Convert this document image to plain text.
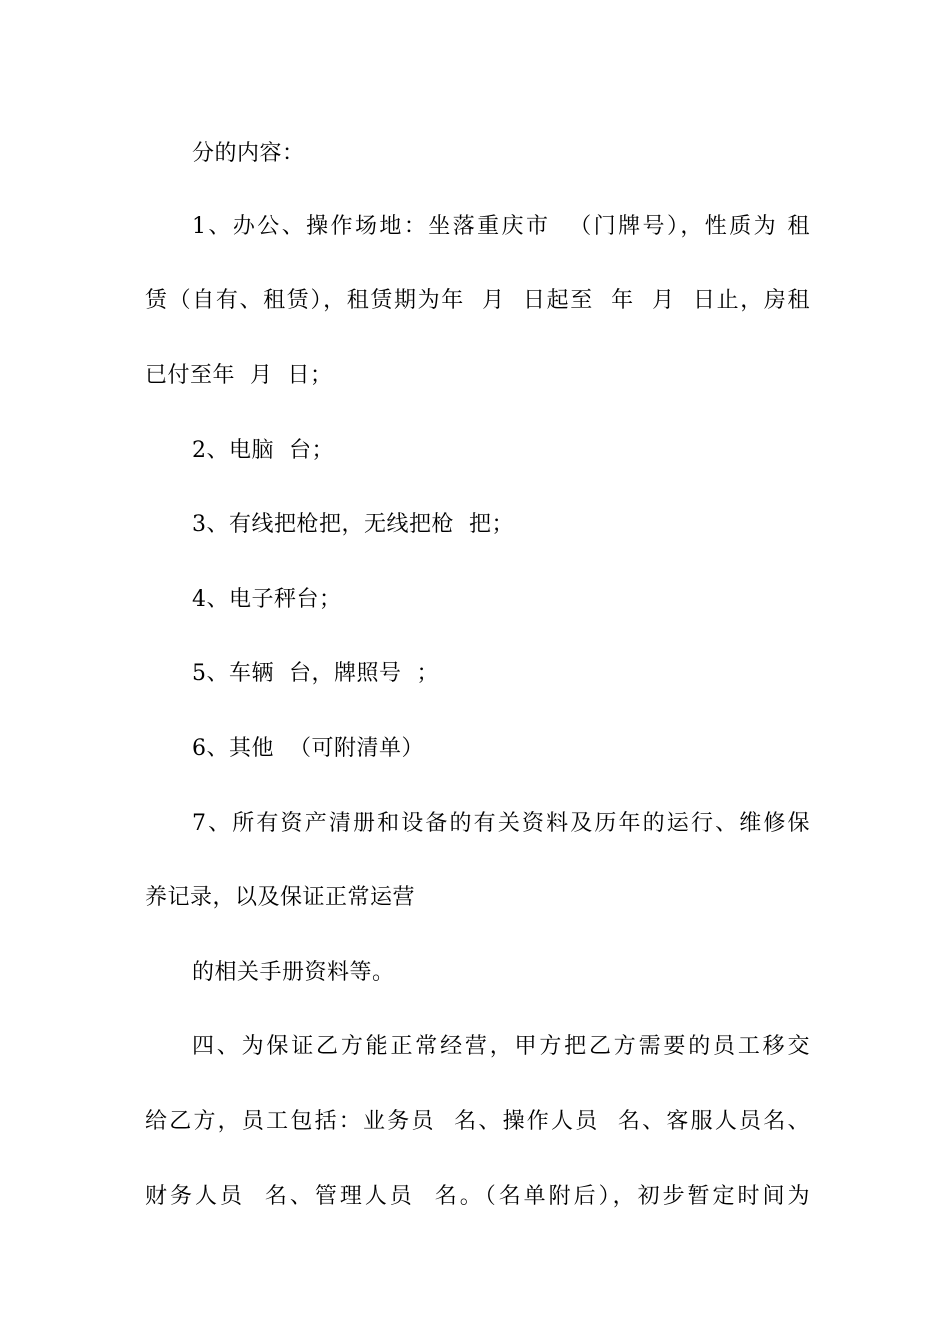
分的内容：

1、办公、操作场地：坐落重庆市  （门牌号），性质为 租

赁（自有、租赁），租赁期为年  月  日起至  年  月  日止，房租

已付至年  月  日；

2、电脑  台；

3、有线把枪把，无线把枪  把；

4、电子秤台；

5、车辆  台，牌照号  ；

6、其他  （可附清单）

7、所有资产清册和设备的有关资料及历年的运行、维修保

养记录，以及保证正常运营

的相关手册资料等。

四、为保证乙方能正常经营，甲方把乙方需要的员工移交

给乙方，员工包括：业务员  名、操作人员  名、客服人员名、

财务人员  名、管理人员  名。（名单附后），初步暂定时间为
